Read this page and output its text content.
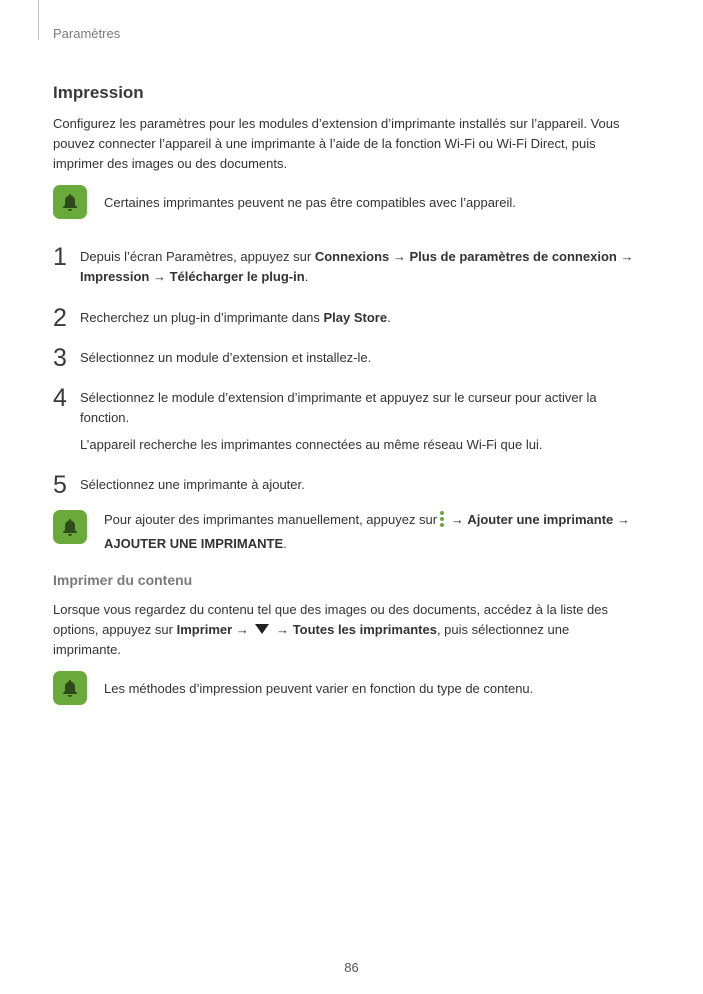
Paramètres
Impression
Configurez les paramètres pour les modules d’extension d’imprimante installés sur l’appareil. Vous pouvez connecter l’appareil à une imprimante à l’aide de la fonction Wi-Fi ou Wi-Fi Direct, puis imprimer des images ou des documents.
Certaines imprimantes peuvent ne pas être compatibles avec l’appareil.
1 Depuis l’écran Paramètres, appuyez sur Connexions → Plus de paramètres de connexion → Impression → Télécharger le plug-in.
2 Recherchez un plug-in d’imprimante dans Play Store.
3 Sélectionnez un module d’extension et installez-le.
4 Sélectionnez le module d’extension d’imprimante et appuyez sur le curseur pour activer la fonction.
L’appareil recherche les imprimantes connectées au même réseau Wi-Fi que lui.
5 Sélectionnez une imprimante à ajouter.
Pour ajouter des imprimantes manuellement, appuyez sur → Ajouter une imprimante → AJOUTER UNE IMPRIMANTE.
Imprimer du contenu
Lorsque vous regardez du contenu tel que des images ou des documents, accédez à la liste des options, appuyez sur Imprimer →  → Toutes les imprimantes, puis sélectionnez une imprimante.
Les méthodes d’impression peuvent varier en fonction du type de contenu.
86
